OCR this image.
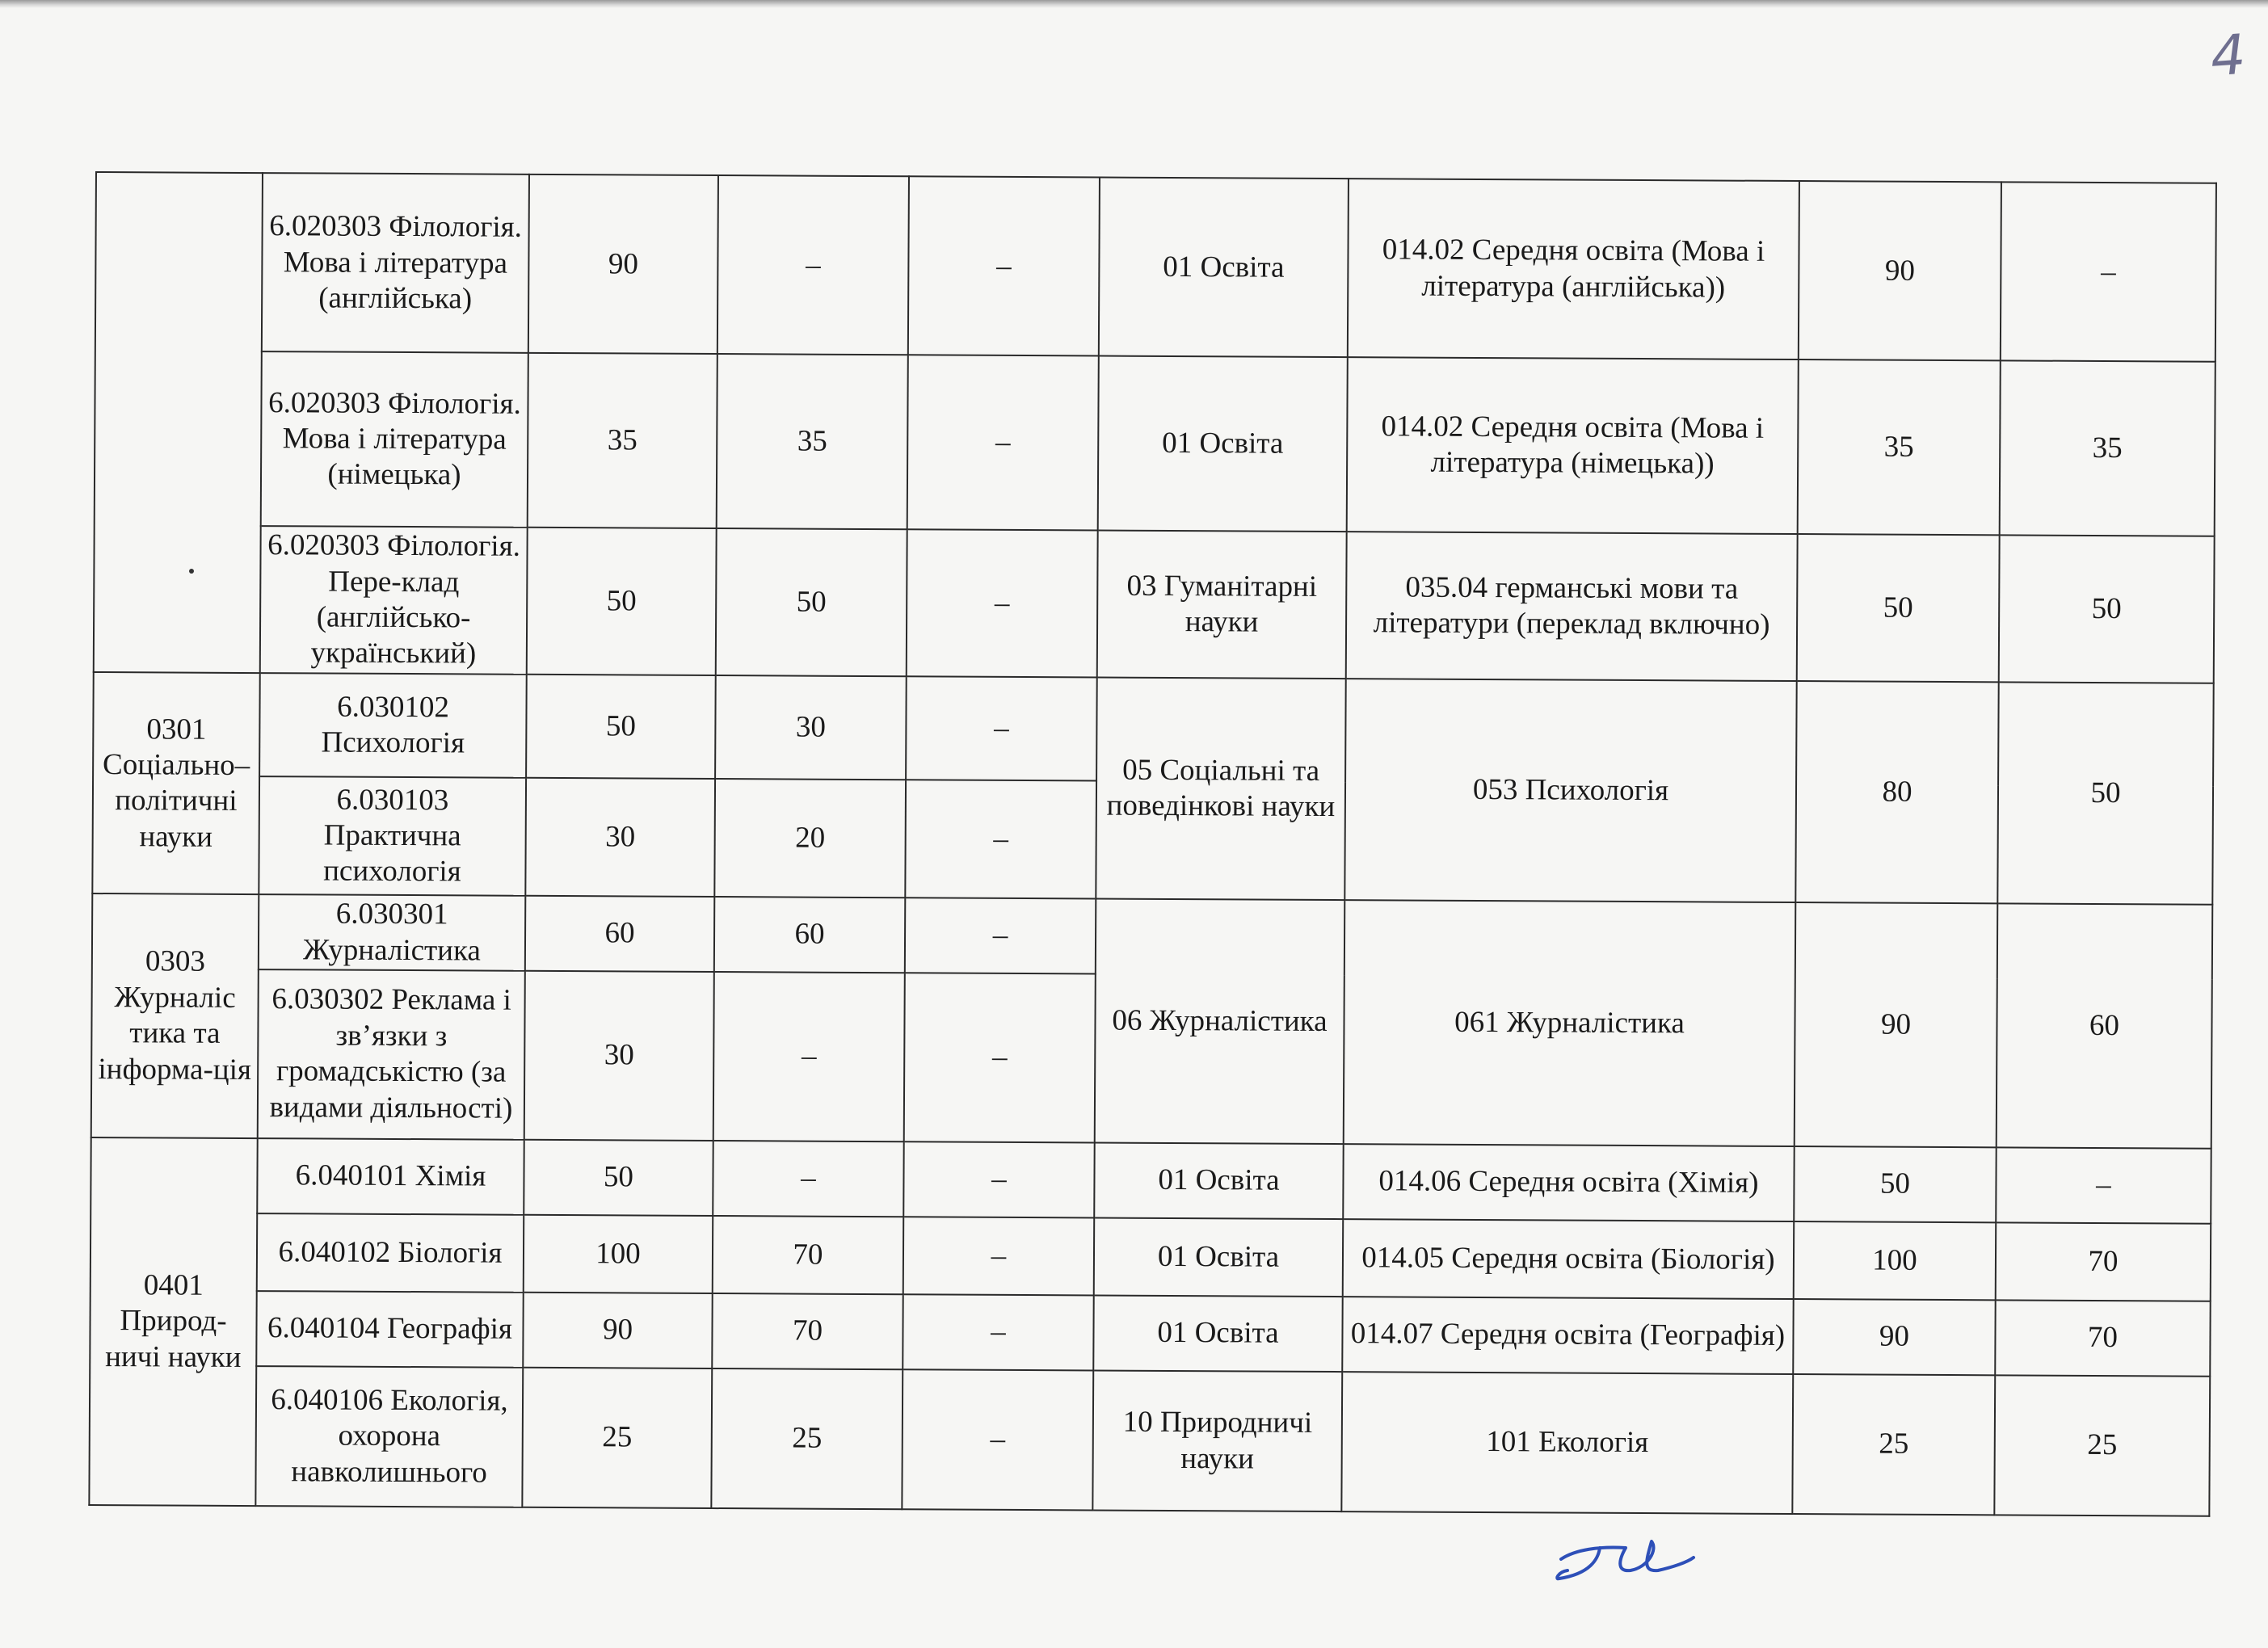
4
	6.020303 Філологія. Мова і література (англійська)	90	–	–	01 Освіта	014.02 Середня освіта (Мова і література (англійська))	90	–
	6.020303 Філологія. Мова і література (німецька)	35	35	–	01 Освіта	014.02 Середня освіта (Мова і література (німецька))	35	35
	6.020303 Філологія. Пере-клад (англійсько-український)	50	50	–	03 Гуманітарні науки	035.04 германські мови та літератури (переклад включно)	50	50
0301 Соціально–політичні науки	6.030102 Психологія	50	30	–	05 Соціальні та поведінкові науки	053 Психологія	80	50
	6.030103 Практична психологія	30	20	–				
0303 Журналіс тика та інформа-ція	6.030301 Журналістика	60	60	–	06 Журналістика	061 Журналістика	90	60
	6.030302 Реклама і зв’язки з громадськістю (за видами діяльності)	30	–	–				
0401 Природ-ничі науки	6.040101 Хімія	50	–	–	01 Освіта	014.06 Середня освіта (Хімія)	50	–
	6.040102 Біологія	100	70	–	01 Освіта	014.05 Середня освіта (Біологія)	100	70
	6.040104 Географія	90	70	–	01 Освіта	014.07 Середня освіта (Географія)	90	70
	6.040106 Екологія, охорона навколишнього	25	25	–	10 Природничі науки	101 Екологія	25	25
